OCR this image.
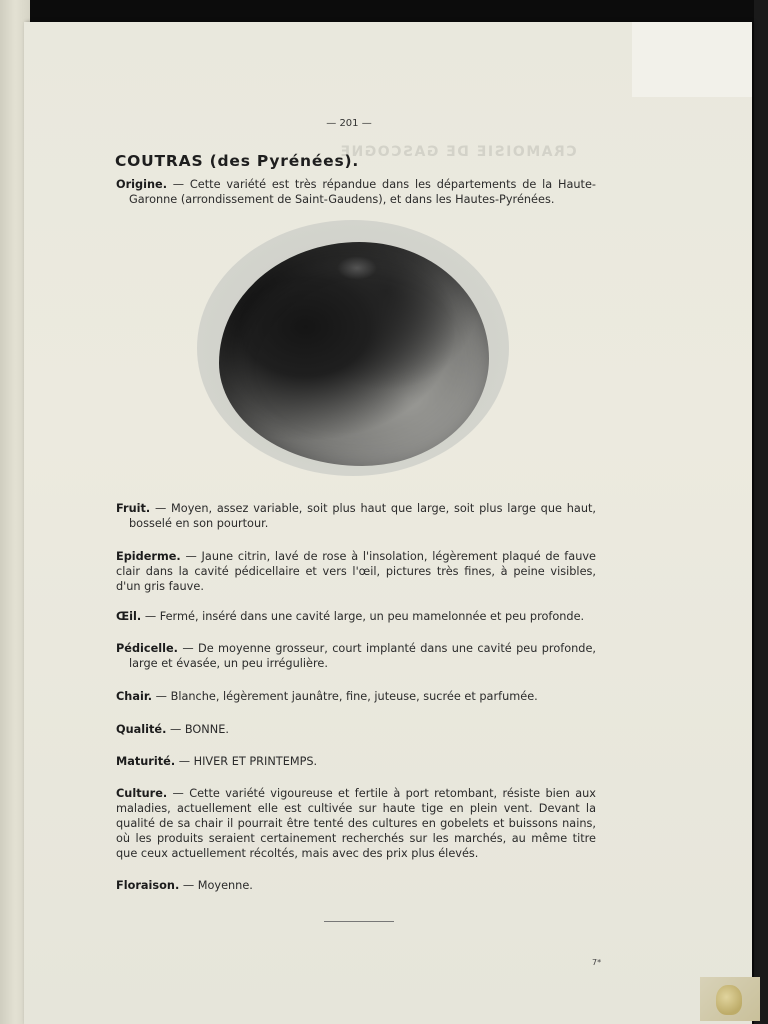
CRAMOISIE DE GASCOGNE
— 201 —
COUTRAS (des Pyrénées).
Origine. — Cette variété est très répandue dans les départements de la Haute-
Garonne (arrondissement de Saint-Gaudens), et dans les Hautes-Pyrénées.
Fruit. — Moyen, assez variable, soit plus haut que large, soit plus large que haut,
bosselé en son pourtour.
Epiderme. — Jaune citrin, lavé de rose à l'insolation, légèrement plaqué de fauve clair dans la cavité pédicellaire et vers l'œil, pictures très fines, à peine visibles, d'un gris fauve.
Œil. — Fermé, inséré dans une cavité large, un peu mamelonnée et peu profonde.
Pédicelle. — De moyenne grosseur, court implanté dans une cavité peu profonde,
large et évasée, un peu irrégulière.
Chair. — Blanche, légèrement jaunâtre, fine, juteuse, sucrée et parfumée.
Qualité. — BONNE.
Maturité. — HIVER ET PRINTEMPS.
Culture. — Cette variété vigoureuse et fertile à port retombant, résiste bien aux maladies, actuellement elle est cultivée sur haute tige en plein vent. Devant la qualité de sa chair il pourrait être tenté des cultures en gobelets et buissons nains, où les produits seraient certainement recherchés sur les marchés, au même titre que ceux actuellement récoltés, mais avec des prix plus élevés.
Floraison. — Moyenne.
7*
